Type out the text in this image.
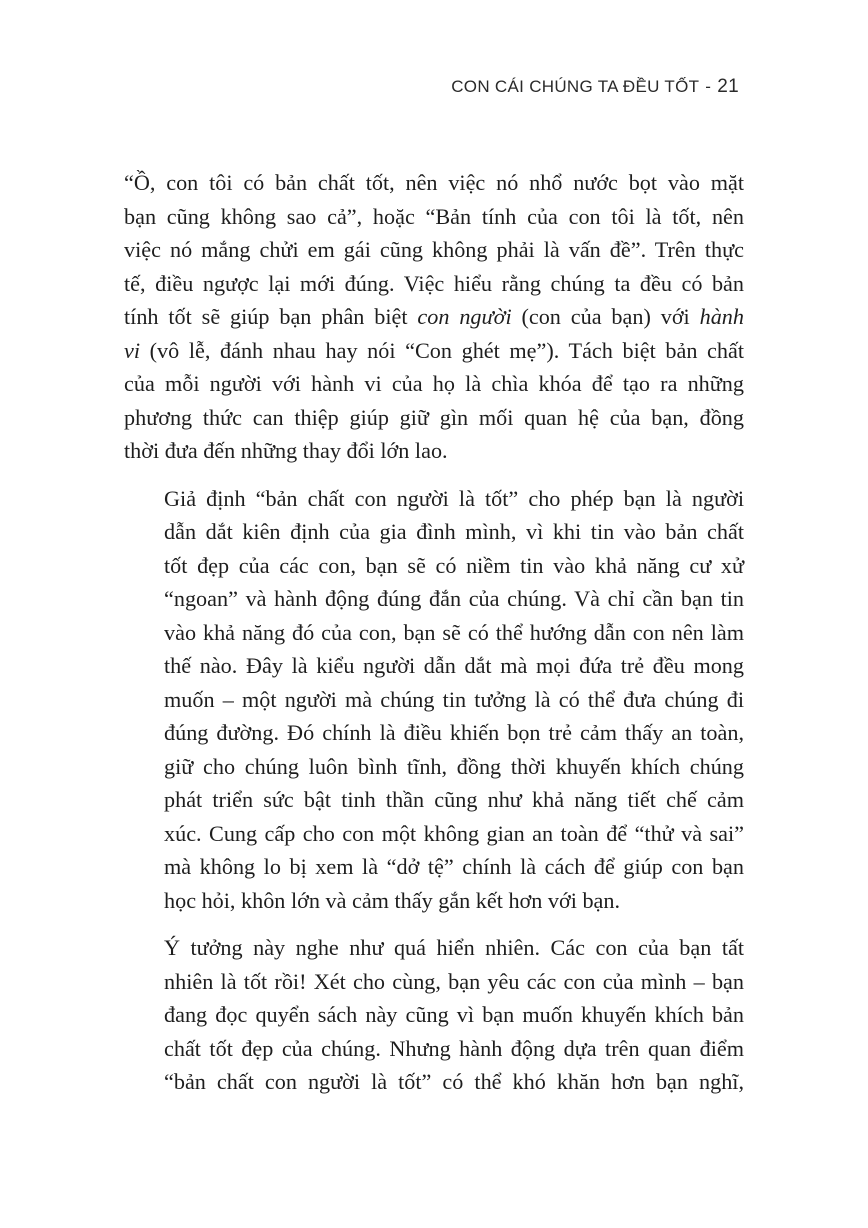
CON CÁI CHÚNG TA ĐỀU TỐT - 21

“Ồ, con tôi có bản chất tốt, nên việc nó nhổ nước bọt vào mặt
bạn cũng không sao cả”, hoặc “Bản tính của con tôi là tốt, nên
việc nó mắng chửi em gái cũng không phải là vấn đề”. Trên thực
tế, điều ngược lại mới đúng. Việc hiểu rằng chúng ta đều có bản
tính tốt sẽ giúp bạn phân biệt con người (con của bạn) với hành
vi (vô lễ, đánh nhau hay nói “Con ghét mẹ”). Tách biệt bản chất
của mỗi người với hành vi của họ là chìa khóa để tạo ra những
phương thức can thiệp giúp giữ gìn mối quan hệ của bạn, đồng
thời đưa đến những thay đổi lớn lao.

Giả định “bản chất con người là tốt” cho phép bạn là người
dẫn dắt kiên định của gia đình mình, vì khi tin vào bản chất
tốt đẹp của các con, bạn sẽ có niềm tin vào khả năng cư xử
“ngoan” và hành động đúng đắn của chúng. Và chỉ cần bạn tin
vào khả năng đó của con, bạn sẽ có thể hướng dẫn con nên làm
thế nào. Đây là kiểu người dẫn dắt mà mọi đứa trẻ đều mong
muốn – một người mà chúng tin tưởng là có thể đưa chúng đi
đúng đường. Đó chính là điều khiến bọn trẻ cảm thấy an toàn,
giữ cho chúng luôn bình tĩnh, đồng thời khuyến khích chúng
phát triển sức bật tinh thần cũng như khả năng tiết chế cảm
xúc. Cung cấp cho con một không gian an toàn để “thử và sai”
mà không lo bị xem là “dở tệ” chính là cách để giúp con bạn
học hỏi, khôn lớn và cảm thấy gắn kết hơn với bạn.

Ý tưởng này nghe như quá hiển nhiên. Các con của bạn tất
nhiên là tốt rồi! Xét cho cùng, bạn yêu các con của mình – bạn
đang đọc quyển sách này cũng vì bạn muốn khuyến khích bản
chất tốt đẹp của chúng. Nhưng hành động dựa trên quan điểm
“bản chất con người là tốt” có thể khó khăn hơn bạn nghĩ,
